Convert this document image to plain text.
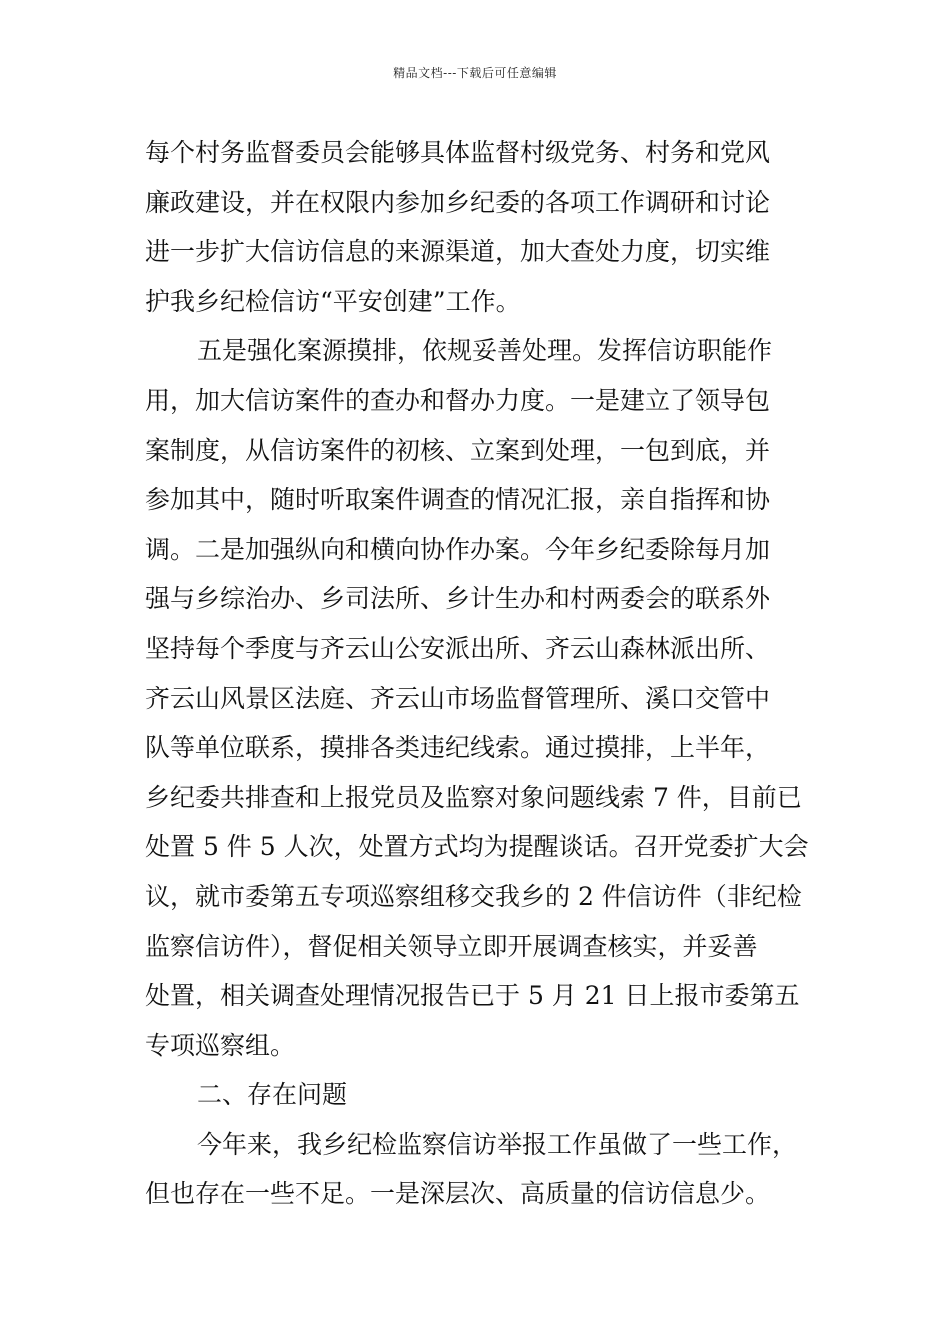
精品文档---下载后可任意编辑
每个村务监督委员会能够具体监督村级党务、村务和党风
廉政建设，并在权限内参加乡纪委的各项工作调研和讨论
进一步扩大信访信息的来源渠道，加大查处力度，切实维
护我乡纪检信访“平安创建”工作。
五是强化案源摸排，依规妥善处理。发挥信访职能作
用，加大信访案件的查办和督办力度。一是建立了领导包
案制度，从信访案件的初核、立案到处理，一包到底，并
参加其中，随时听取案件调查的情况汇报，亲自指挥和协
调。二是加强纵向和横向协作办案。今年乡纪委除每月加
强与乡综治办、乡司法所、乡计生办和村两委会的联系外
坚持每个季度与齐云山公安派出所、齐云山森林派出所、
齐云山风景区法庭、齐云山市场监督管理所、溪口交管中
队等单位联系，摸排各类违纪线索。通过摸排，上半年，
乡纪委共排查和上报党员及监察对象问题线索 7 件，目前已
处置 5 件 5 人次，处置方式均为提醒谈话。召开党委扩大会
议，就市委第五专项巡察组移交我乡的 2 件信访件（非纪检
监察信访件），督促相关领导立即开展调查核实，并妥善
处置，相关调查处理情况报告已于 5 月 21 日上报市委第五
专项巡察组。
二、存在问题
今年来，我乡纪检监察信访举报工作虽做了一些工作，
但也存在一些不足。一是深层次、高质量的信访信息少。
